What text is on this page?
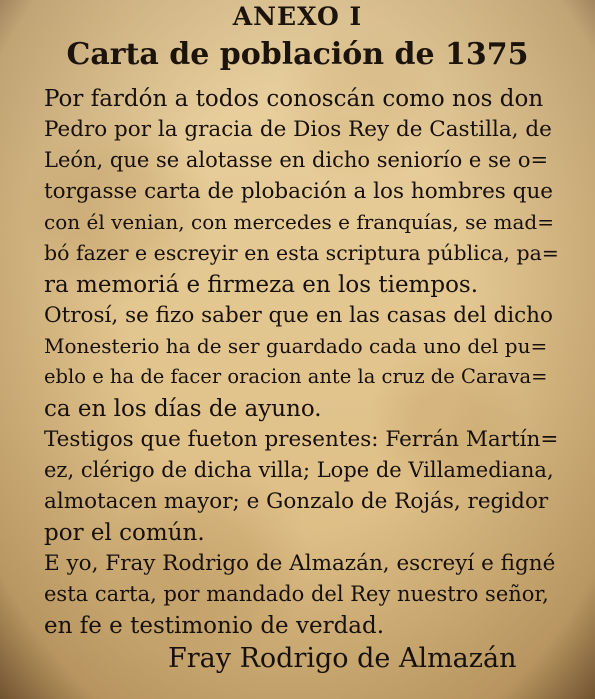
ANEXO I
Carta de población de 1375
Por fardón a todos conoscán como nos don
Pedro por la gracia de Dios Rey de Castilla, de
León, que se alotasse en dicho seniorío e se o=
torgasse carta de plobación a los hombres que
con él venian, con mercedes e franquías, se mad=
bó fazer e escreyir en esta scriptura pública, pa=
ra memoriá e firmeza en los tiempos.
Otrosí, se fizo saber que en las casas del dicho
Monesterio ha de ser guardado cada uno del pu=
eblo e ha de facer oracion ante la cruz de Carava=
ca en los días de ayuno.
Testigos que fueton presentes: Ferrán Martín=
ez, clérigo de dicha villa; Lope de Villamediana,
almotacen mayor; e Gonzalo de Rojás, regidor
por el común.
E yo, Fray Rodrigo de Almazán, escreyí e figné
esta carta, por mandado del Rey nuestro señor,
en fe e testimonio de verdad.
Fray Rodrigo de Almazán
